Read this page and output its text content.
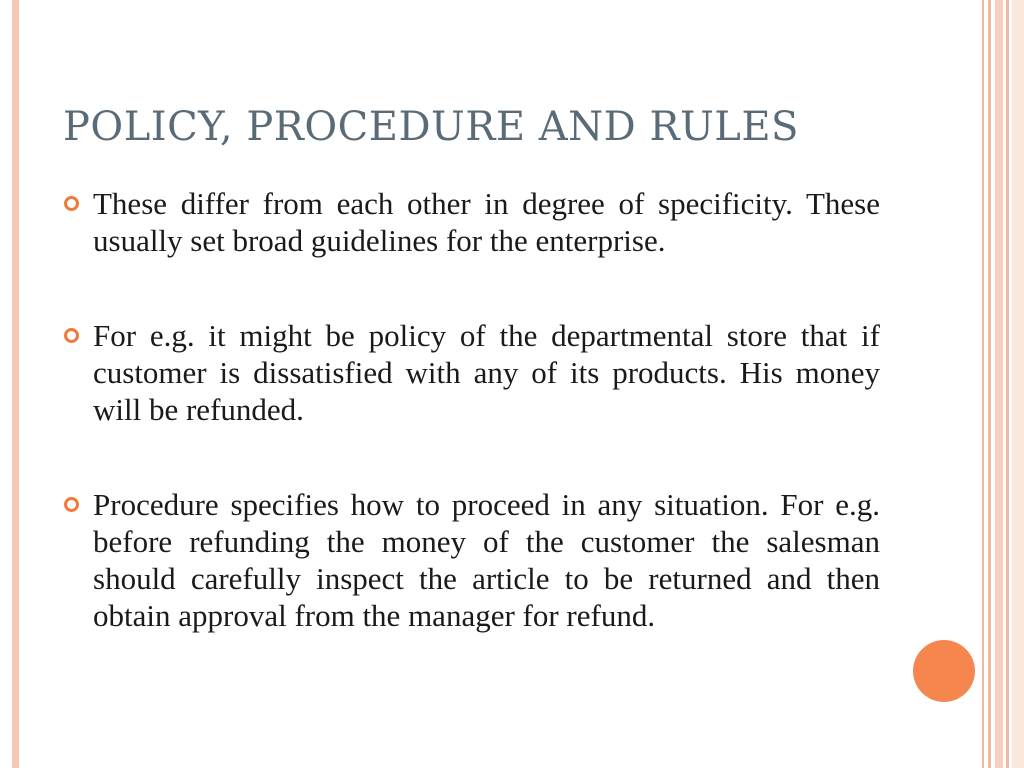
POLICY, PROCEDURE AND RULES

These differ from each other in degree of specificity. These usually set broad guidelines for the enterprise.

For e.g. it might be policy of the departmental store that if customer is dissatisfied with any of its products. His money will be refunded.

Procedure specifies how to proceed in any situation. For e.g. before refunding the money of the customer the salesman should carefully inspect the article to be returned and then obtain approval from the manager for refund.
